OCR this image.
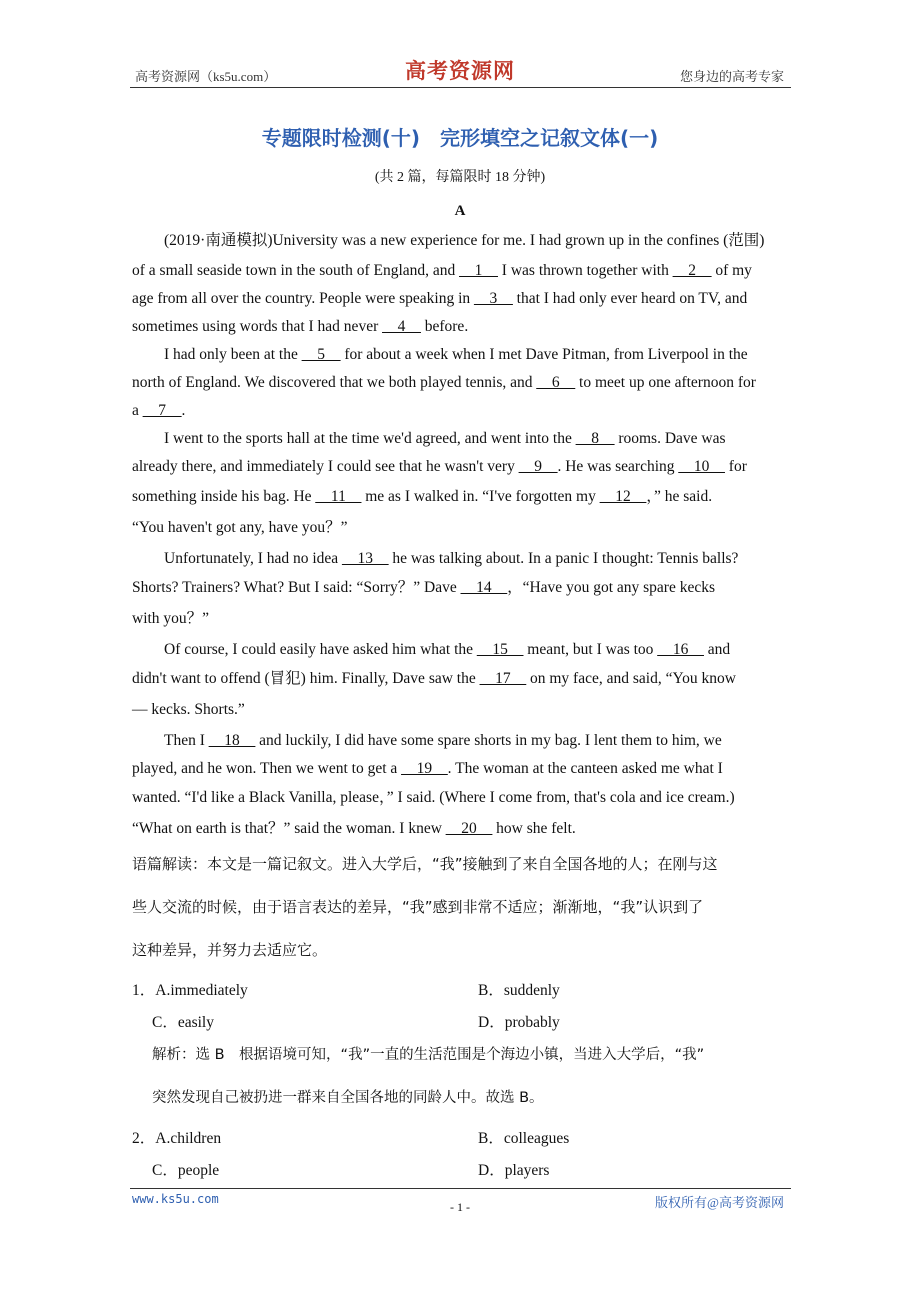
高考资源网（ks5u.com）	高考资源网	您身边的高考专家
专题限时检测(十)　完形填空之记叙文体(一)
(共 2 篇，每篇限时 18 分钟)
A
(2019·南通模拟)University was a new experience for me. I had grown up in the confines (范围)
of a small seaside town in the south of England, and __1__ I was thrown together with __2__ of my
age from all over the country. People were speaking in __3__ that I had only ever heard on TV, and
sometimes using words that I had never __4__ before.
I had only been at the __5__ for about a week when I met Dave Pitman, from Liverpool in the
north of England. We discovered that we both played tennis, and __6__ to meet up one afternoon for
a __7__.
I went to the sports hall at the time we'd agreed, and went into the __8__ rooms. Dave was
already there, and immediately I could see that he wasn't very __9__. He was searching __10__ for
something inside his bag. He __11__ me as I walked in. “I've forgotten my __12__，” he said.
“You haven't got any, have you？”
Unfortunately, I had no idea __13__ he was talking about. In a panic I thought: Tennis balls?
Shorts? Trainers? What? But I said: “Sorry？” Dave __14__，“Have you got any spare kecks
with you？”
Of course, I could easily have asked him what the __15__ meant, but I was too __16__ and
didn't want to offend (冒犯) him. Finally, Dave saw the __17__ on my face, and said, “You know
— kecks. Shorts.”
Then I __18__ and luckily, I did have some spare shorts in my bag. I lent them to him, we
played, and he won. Then we went to get a __19__. The woman at the canteen asked me what I
wanted. “I'd like a Black Vanilla, please，” I said. (Where I come from, that's cola and ice cream.)
“What on earth is that？” said the woman. I knew __20__ how she felt.
语篇解读：本文是一篇记叙文。进入大学后，“我”接触到了来自全国各地的人；在刚与这
些人交流的时候，由于语言表达的差异，“我”感到非常不适应；渐渐地，“我”认识到了
这种差异，并努力去适应它。
1．A.immediately	B．suddenly
C．easily	D．probably
解析：选 B　根据语境可知，“我”一直的生活范围是个海边小镇，当进入大学后，“我”
突然发现自己被扔进一群来自全国各地的同龄人中。故选 B。
2．A.children	B．colleagues
C．people	D．players
www.ks5u.com
- 1 -	版权所有@高考资源网
